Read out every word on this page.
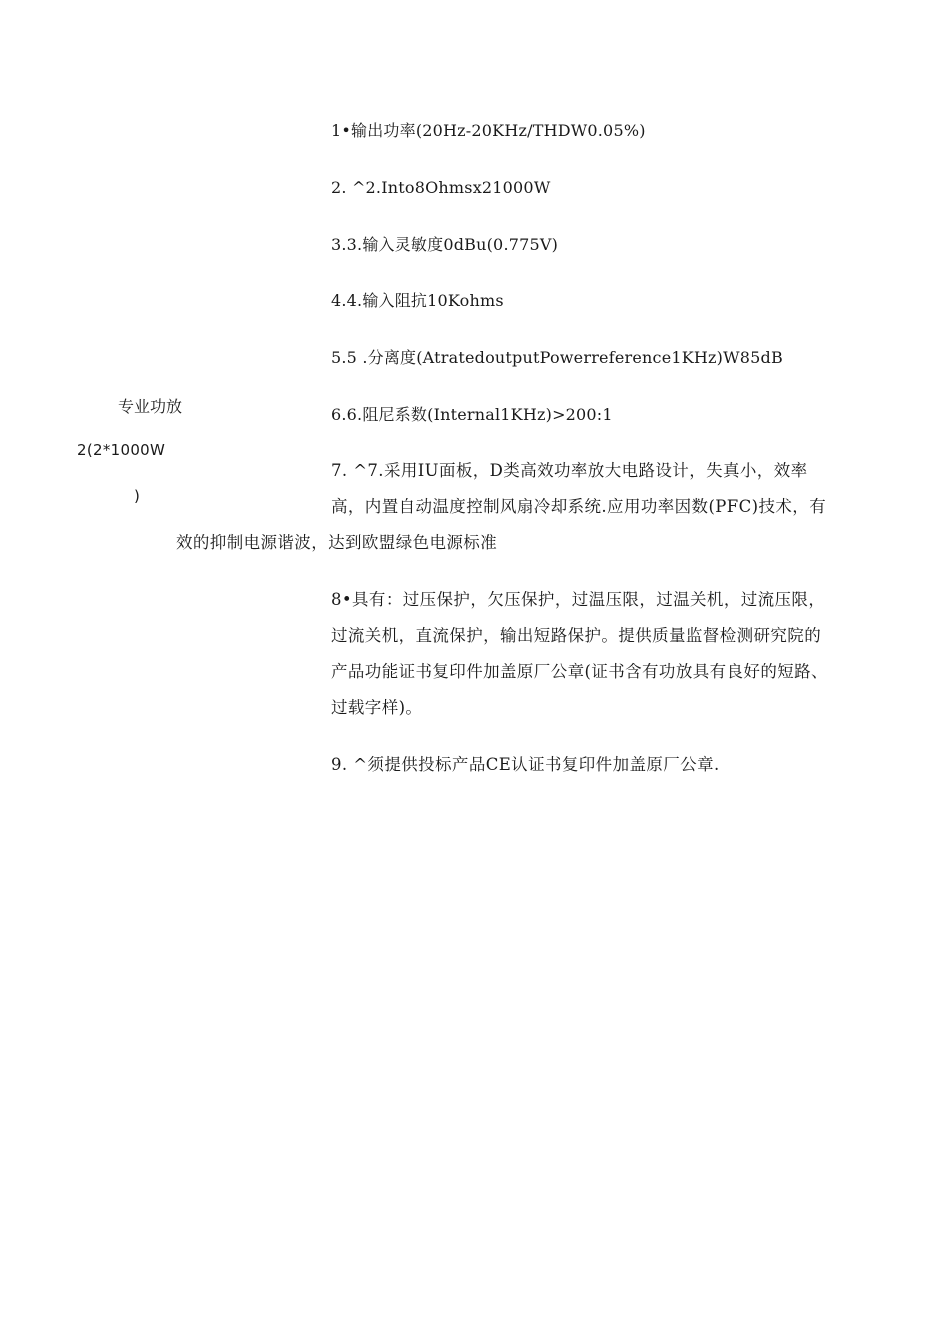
专业功放
2(2*1000W
)
1•输出功率(20Hz-20KHz/THDW0.05%)
2. ^2.Into8Ohmsx21000W
3.3.输入灵敏度0dBu(0.775V)
4.4.输入阻抗10Kohms
5.5 .分离度(AtratedoutputPowerreference1KHz)W85dB
6.6.阻尼系数(Internal1KHz)>200:1
7. ^7.采用IU面板，D类高效功率放大电路设计，失真小，效率
高，内置自动温度控制风扇冷却系统.应用功率因数(PFC)技术，有
效的抑制电源谐波，达到欧盟绿色电源标准
8•具有：过压保护，欠压保护，过温压限，过温关机，过流压限，
过流关机，直流保护，输出短路保护。提供质量监督检测研究院的
产品功能证书复印件加盖原厂公章(证书含有功放具有良好的短路、
过载字样)。
9. ^须提供投标产品CE认证书复印件加盖原厂公章.
